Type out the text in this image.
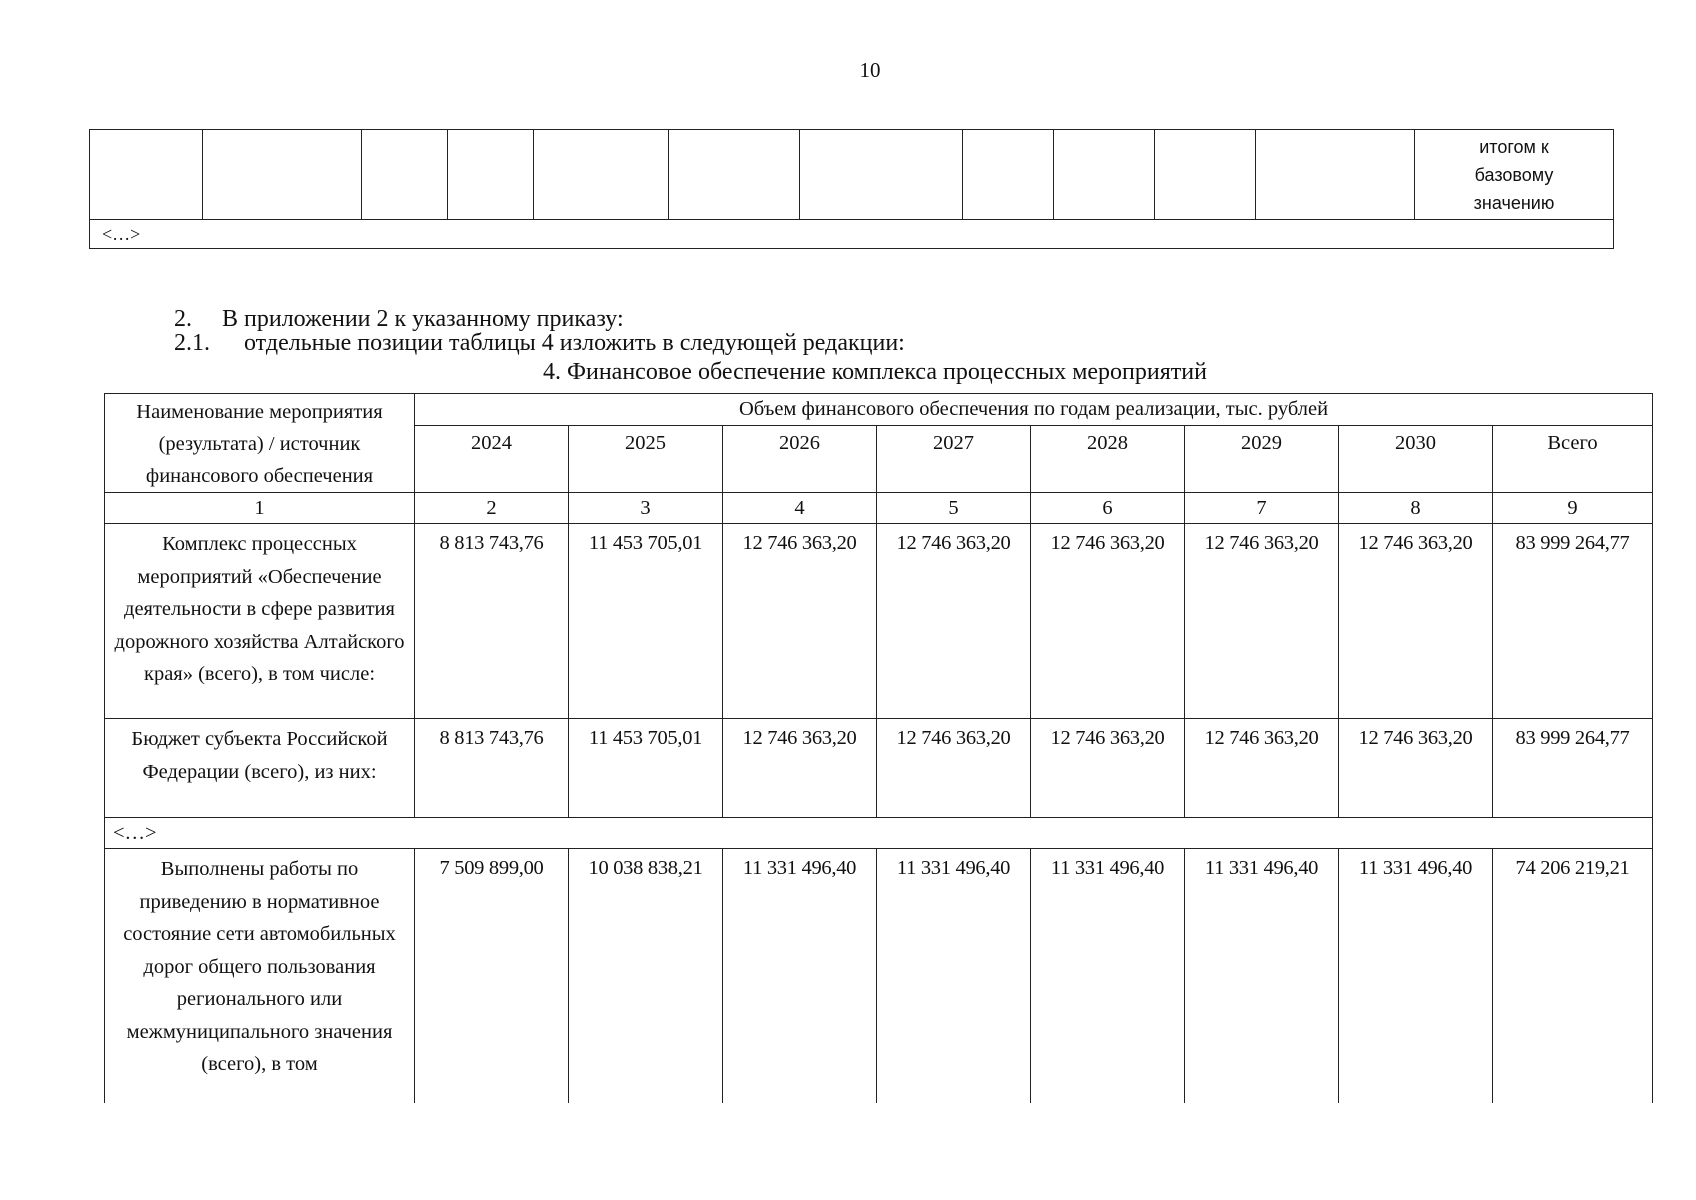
10

итогом к
базовому
значению

<…>
2. В приложении 2 к указанному приказу:
2.1. отдельные позиции таблицы 4 изложить в следующей редакции:
4. Финансовое обеспечение комплекса процессных мероприятий
Наименование мероприятия (результата) / источник финансового обеспечения	Объем финансового обеспечения по годам реализации, тыс. рублей							
	2024	2025	2026	2027	2028	2029	2030	Всего
1	2	3	4	5	6	7	8	9
Комплекс процессных мероприятий «Обеспечение деятельности в сфере развития дорожного хозяйства Алтайского края» (всего), в том числе:	8 813 743,76	11 453 705,01	12 746 363,20	12 746 363,20	12 746 363,20	12 746 363,20	12 746 363,20	83 999 264,77
Бюджет субъекта Российской Федерации (всего), из них:	8 813 743,76	11 453 705,01	12 746 363,20	12 746 363,20	12 746 363,20	12 746 363,20	12 746 363,20	83 999 264,77
<…>								
Выполнены работы по приведению в нормативное состояние сети автомобильных дорог общего пользования регионального или межмуниципального значения (всего), в том	7 509 899,00	10 038 838,21	11 331 496,40	11 331 496,40	11 331 496,40	11 331 496,40	11 331 496,40	74 206 219,21
